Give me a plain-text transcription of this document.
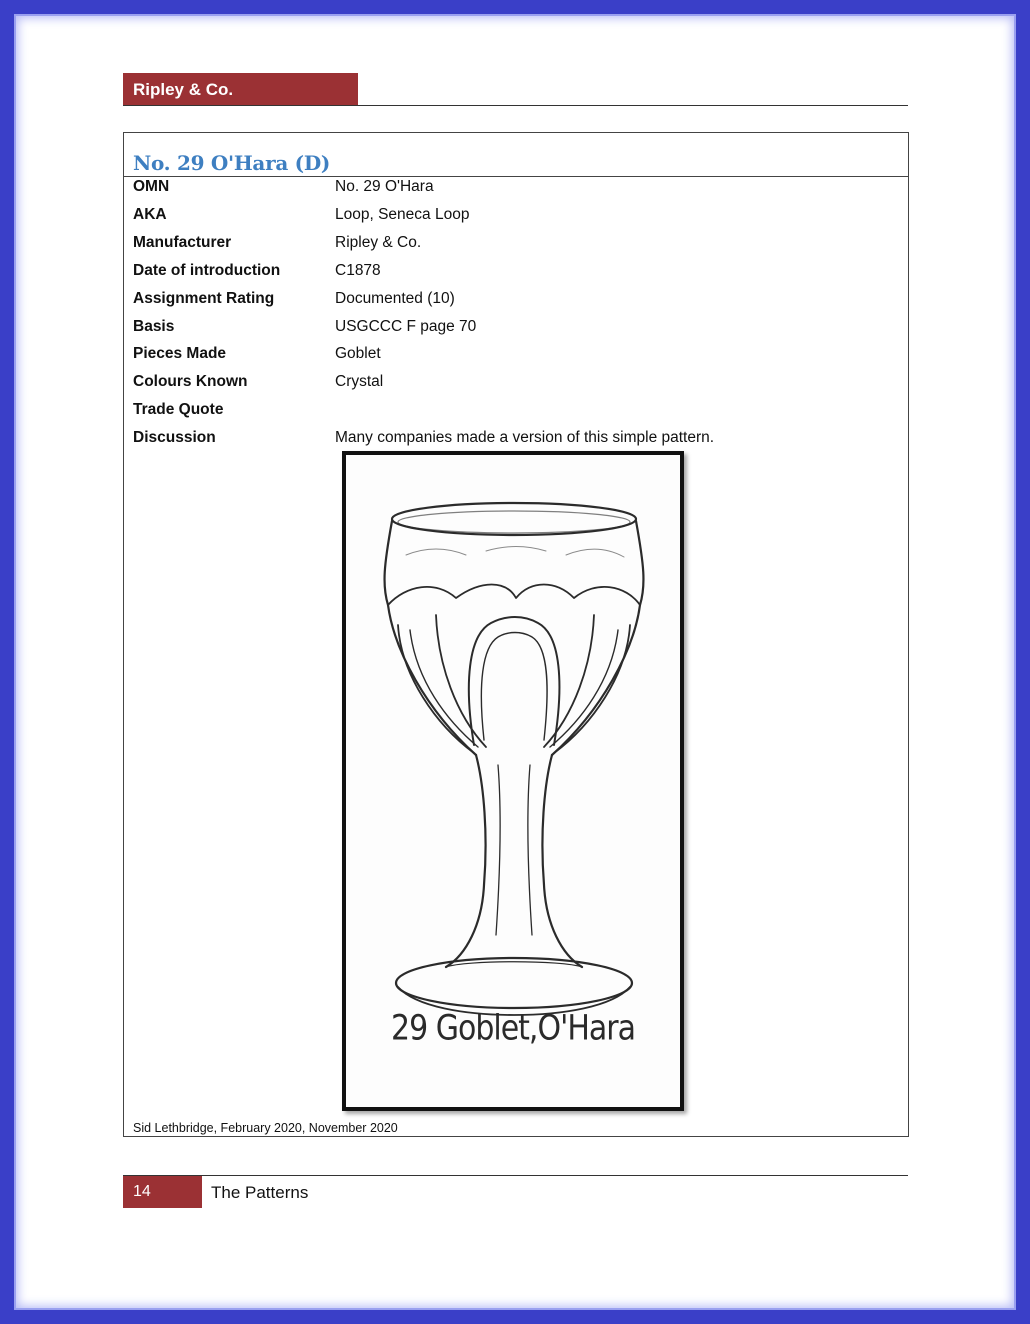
Ripley & Co.
No. 29 O'Hara (D)
OMN	No. 29 O'Hara
AKA	Loop, Seneca Loop
Manufacturer	Ripley & Co.
Date of introduction	C1878
Assignment Rating	Documented (10)
Basis	USGCCC F page 70
Pieces Made	Goblet
Colours Known	Crystal
Trade Quote
Discussion	Many companies made a version of this simple pattern.
29 Goblet,O'Hara
Sid Lethbridge, February 2020, November 2020
14	The Patterns
